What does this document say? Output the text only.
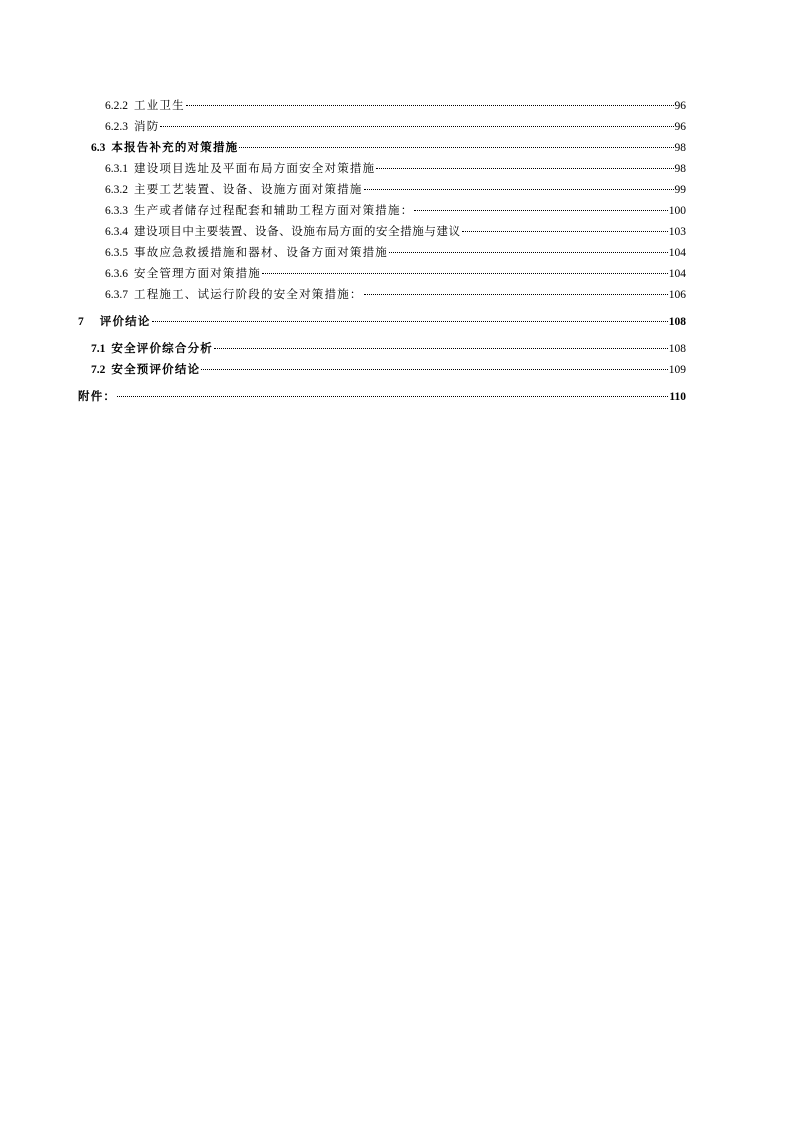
6.2.2 工业卫生	96
6.2.3 消防	96
6.3 本报告补充的对策措施	98
6.3.1 建设项目选址及平面布局方面安全对策措施	98
6.3.2 主要工艺装置、设备、设施方面对策措施	99
6.3.3 生产或者储存过程配套和辅助工程方面对策措施：	100
6.3.4 建设项目中主要装置、设备、设施布局方面的安全措施与建议	103
6.3.5 事故应急救援措施和器材、设备方面对策措施	104
6.3.6 安全管理方面对策措施	104
6.3.7 工程施工、试运行阶段的安全对策措施：	106
7 评价结论	108
7.1 安全评价综合分析	108
7.2 安全预评价结论	109
附件：	110
